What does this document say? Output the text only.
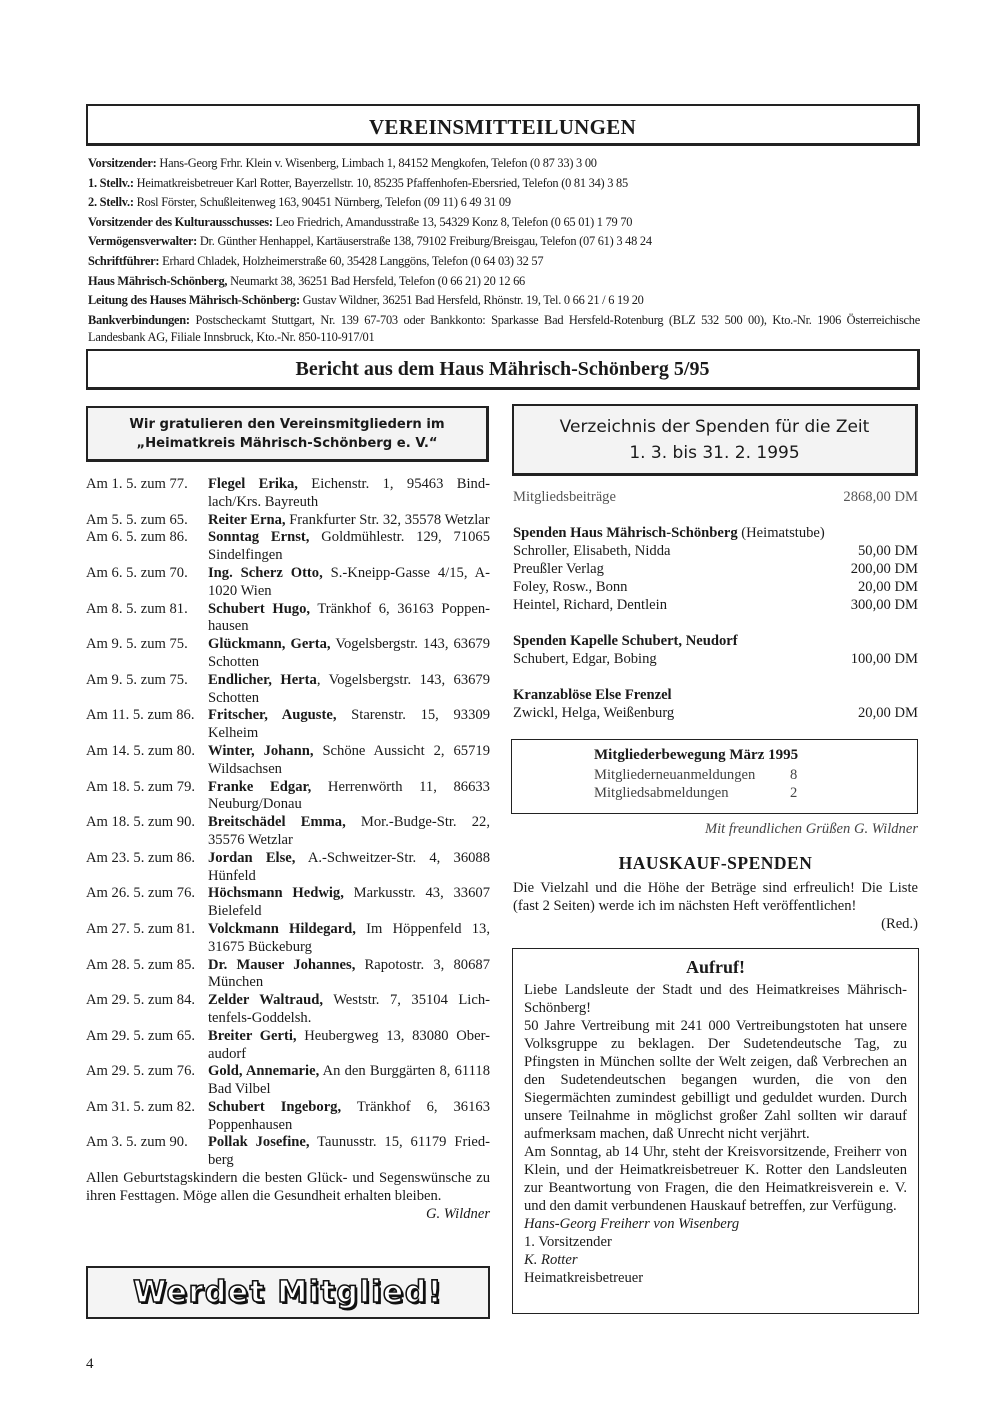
VEREINSMITTEILUNGEN
Vorsitzender: Hans-Georg Frhr. Klein v. Wisenberg, Limbach 1, 84152 Mengkofen, Telefon (0 87 33) 3 00
1. Stellv.: Heimatkreisbetreuer Karl Rotter, Bayerzellstr. 10, 85235 Pfaffenhofen-Ebersried, Telefon (0 81 34) 3 85
2. Stellv.: Rosl Förster, Schußleitenweg 163, 90451 Nürnberg, Telefon (09 11) 6 49 31 09
Vorsitzender des Kulturausschusses: Leo Friedrich, Amandusstraße 13, 54329 Konz 8, Telefon (0 65 01) 1 79 70
Vermögensverwalter: Dr. Günther Henhappel, Kartäuserstraße 138, 79102 Freiburg/Breisgau, Telefon (07 61) 3 48 24
Schriftführer: Erhard Chladek, Holzheimerstraße 60, 35428 Langgöns, Telefon (0 64 03) 32 57
Haus Mährisch-Schönberg, Neumarkt 38, 36251 Bad Hersfeld, Telefon (0 66 21) 20 12 66
Leitung des Hauses Mährisch-Schönberg: Gustav Wildner, 36251 Bad Hersfeld, Rhönstr. 19, Tel. 0 66 21 / 6 19 20
Bankverbindungen: Postscheckamt Stuttgart, Nr. 139 67-703 oder Bankkonto: Sparkasse Bad Hersfeld-Rotenburg (BLZ 532 500 00), Kto.-Nr. 1906 Österreichische Landesbank AG, Filiale Innsbruck, Kto.-Nr. 850-110-917/01
Bericht aus dem Haus Mährisch-Schönberg 5/95
Wir gratulieren den Vereinsmitgliedern im
„Heimatkreis Mährisch-Schönberg e. V.“
Am 1. 5. zum 77.	Flegel Erika, Eichenstr. 1, 95463 Bind-lach/Krs. Bayreuth
Am 5. 5. zum 65.	Reiter Erna, Frankfurter Str. 32, 35578 Wetzlar
Am 6. 5. zum 86.	Sonntag Ernst, Goldmühlestr. 129, 71065 Sindelfingen
Am 6. 5. zum 70.	Ing. Scherz Otto, S.-Kneipp-Gasse 4/15, A-1020 Wien
Am 8. 5. zum 81.	Schubert Hugo, Tränkhof 6, 36163 Poppen-hausen
Am 9. 5. zum 75.	Glückmann, Gerta, Vogelsbergstr. 143, 63679 Schotten
Am 9. 5. zum 75.	Endlicher, Herta, Vogelsbergstr. 143, 63679 Schotten
Am 11. 5. zum 86. Fritscher, Auguste, Starenstr. 15, 93309 Kelheim
Am 14. 5. zum 80. Winter, Johann, Schöne Aussicht 2, 65719 Wildsachsen
Am 18. 5. zum 79. Franke Edgar, Herrenwörth 11, 86633 Neuburg/Donau
Am 18. 5. zum 90. Breitschädel Emma, Mor.-Budge-Str. 22, 35576 Wetzlar
Am 23. 5. zum 86. Jordan Else, A.-Schweitzer-Str. 4, 36088 Hünfeld
Am 26. 5. zum 76. Höchsmann Hedwig, Markusstr. 43, 33607 Bielefeld
Am 27. 5. zum 81. Volckmann Hildegard, Im Höppenfeld 13, 31675 Bückeburg
Am 28. 5. zum 85. Dr. Mauser Johannes, Rapotostr. 3, 80687 München
Am 29. 5. zum 84. Zelder Waltraud, Weststr. 7, 35104 Lich-tenfels-Goddelsh.
Am 29. 5. zum 65. Breiter Gerti, Heubergweg 13, 83080 Ober-audorf
Am 29. 5. zum 76. Gold, Annemarie, An den Burggärten 8, 61118 Bad Vilbel
Am 31. 5. zum 82. Schubert Ingeborg, Tränkhof 6, 36163 Poppenhausen
Am 3. 5. zum 90.	Pollak Josefine, Taunusstr. 15, 61179 Fried-berg
Allen Geburtstagskindern die besten Glück- und Segenswünsche zu ihren Festtagen. Möge allen die Gesundheit erhalten bleiben.
G. Wildner
Werdet Mitglied!
4
Verzeichnis der Spenden für die Zeit
1. 3. bis 31. 2. 1995
Mitgliedsbeiträge	2868,00 DM
Spenden Haus Mährisch-Schönberg (Heimatstube)
Schroller, Elisabeth, Nidda	50,00 DM
Preußler Verlag	200,00 DM
Foley, Rosw., Bonn	20,00 DM
Heintel, Richard, Dentlein	300,00 DM
Spenden Kapelle Schubert, Neudorf
Schubert, Edgar, Bobing	100,00 DM
Kranzablöse Else Frenzel
Zwickl, Helga, Weißenburg	20,00 DM
Mitgliederbewegung März 1995
Mitgliederneuanmeldungen	8
Mitgliedsabmeldungen	2
Mit freundlichen Grüßen G. Wildner
HAUSKAUF-SPENDEN
Die Vielzahl und die Höhe der Beträge sind erfreulich! Die Liste (fast 2 Seiten) werde ich im nächsten Heft veröffentlichen!
(Red.)
Aufruf!

Liebe Landsleute der Stadt und des Heimatkreises Mährisch-Schönberg!

50 Jahre Vertreibung mit 241 000 Vertreibungstoten hat unsere Volksgruppe zu beklagen. Der Sudetendeutsche Tag, zu Pfingsten in München sollte der Welt zeigen, daß Verbrechen an den Sudetendeutschen begangen wurden, die von den Siegermächten zumindest gebilligt und geduldet wurden. Durch unsere Teilnahme in möglichst großer Zahl sollten wir darauf aufmerksam machen, daß Unrecht nicht verjährt.

Am Sonntag, ab 14 Uhr, steht der Kreisvorsitzende, Freiherr von Klein, und der Heimatkreisbetreuer K. Rotter den Landsleuten zur Beantwortung von Fragen, die den Heimatkreisverein e. V. und den damit verbundenen Hauskauf betreffen, zur Verfügung.

Hans-Georg Freiherr von Wisenberg

1. Vorsitzender

K. Rotter

Heimatkreisbetreuer
